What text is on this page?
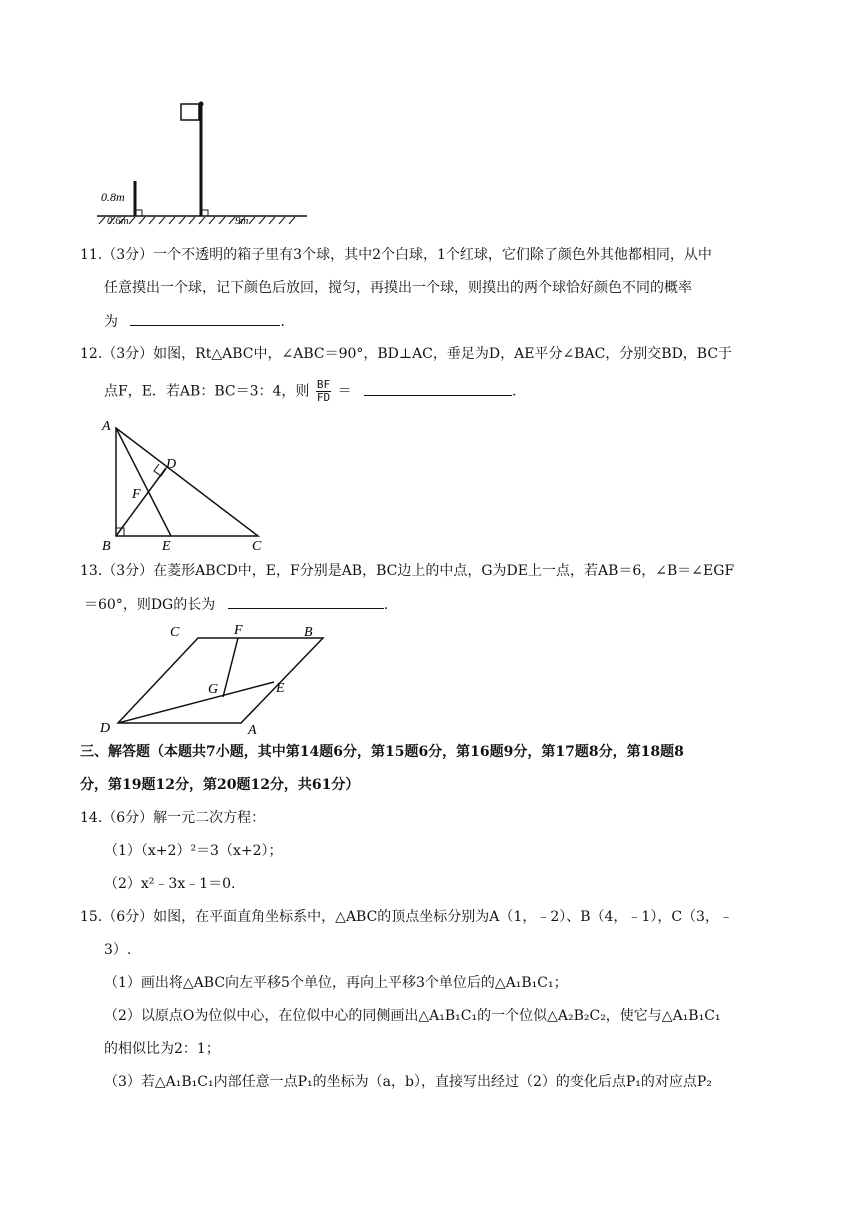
0.8m
0.6m	9m
11.（3分）一个不透明的箱子里有3个球，其中2个白球，1个红球，它们除了颜色外其他都相同，从中
任意摸出一个球，记下颜色后放回，搅匀，再摸出一个球，则摸出的两个球恰好颜色不同的概率
为	.
12.（3分）如图，Rt△ABC中，∠ABC＝90°，BD⊥AC，垂足为D，AE平分∠BAC，分别交BD，BC于
点F，E．若AB：BC＝3：4，则 $\frac{BF}{FD}$ ＝	.
A
B	C
D
E
F
13.（3分）在菱形ABCD中，E，F分别是AB，BC边上的中点，G为DE上一点，若AB＝6，∠B＝∠EGF
＝60°，则DG的长为	.
A
B
C
D
E
F
G
三、解答题（本题共7小题，其中第14题6分，第15题6分，第16题9分，第17题8分，第18题8
分，第19题12分，第20题12分，共61分）
14.（6分）解一元二次方程：
（1）（x+2）²＝3（x+2）；
（2）x²﹣3x﹣1＝0.
15.（6分）如图，在平面直角坐标系中，△ABC的顶点坐标分别为A（1，﹣2）、B（4，﹣1），C（3，﹣
3）.
（1）画出将△ABC向左平移5个单位，再向上平移3个单位后的△A₁B₁C₁；
（2）以原点O为位似中心，在位似中心的同侧画出△A₁B₁C₁的一个位似△A₂B₂C₂，使它与△A₁B₁C₁
的相似比为2：1；
（3）若△A₁B₁C₁内部任意一点P₁的坐标为（a，b），直接写出经过（2）的变化后点P₁的对应点P₂
